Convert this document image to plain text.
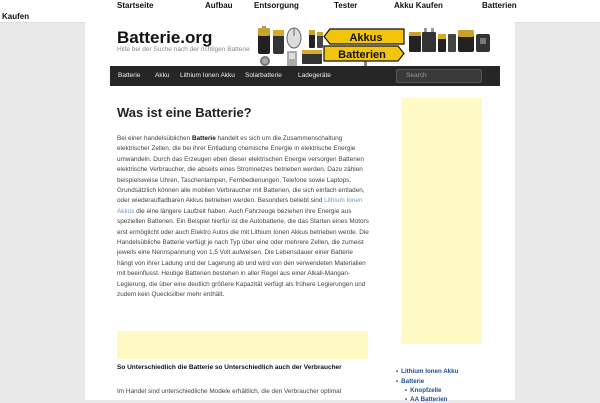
Startseite	Aufbau	Entsorgung	Tester	Akku Kaufen	Batterien
Kaufen
Batterie.org
Hilfe bei der Suche nach der richtigen Batterie
Akkus
Batterien
Batterie Akku Lithium Ionen Akku Solarbatterie Ladegeräte	Search
Was ist eine Batterie?

Bei einer handelsüblichen Batterie handelt es sich um die Zusammenschaltung elektrischer Zellen, die bei ihrer Entladung chemische Energie in elektrische Energie umwandeln. Durch das Erzeugen eben dieser elektrischen Energie versorgen Batterien elektrische Verbraucher, die abseits eines Stromnetzes betrieben werden. Dazu zählen beispielsweise Uhren, Taschenlampen, Fernbedienungen, Telefone sowie Laptops. Grundsätzlich können alle mobilen Verbraucher mit Batterien, die sich einfach entladen, oder wiederaufladbaren Akkus betrieben werden. Besonders beliebt sind Lithium Ionen Akkus die eine längere Laufzeit haben. Auch Fahrzeuge beziehen ihre Energie aus speziellen Batterien. Ein Beispiel hierfür ist die Autobatterie, die das Starten eines Motors erst ermöglicht oder auch Elektro Autos die mit Lithium Ionen Akkus betrieben werde. Die Handelsübliche Batterie verfügt je nach Typ über eine oder mehrere Zellen, die zumeist jeweils eine Nennspannung von 1,5 Volt aufweisen. Die Lebensdauer einer Batterie hängt von ihrer Ladung und der Lagerung ab und wird von den verwendeten Materialien mit beeinflusst. Heutige Batterien bestehen in aller Regel aus einer Alkali-Mangan-Legierung, die über eine deutlich größere Kapazität verfügt als frühere Legierungen und zudem kein Quecksilber mehr enthält.

So Unterschiedlich die Batterie so Unterschiedlich auch der Verbraucher

Im Handel sind unterschiedliche Modele erhältlich, die den Verbraucher optimal

• Lithium Ionen Akku
• Batterie
• Knopfzelle
• AA Batterien
